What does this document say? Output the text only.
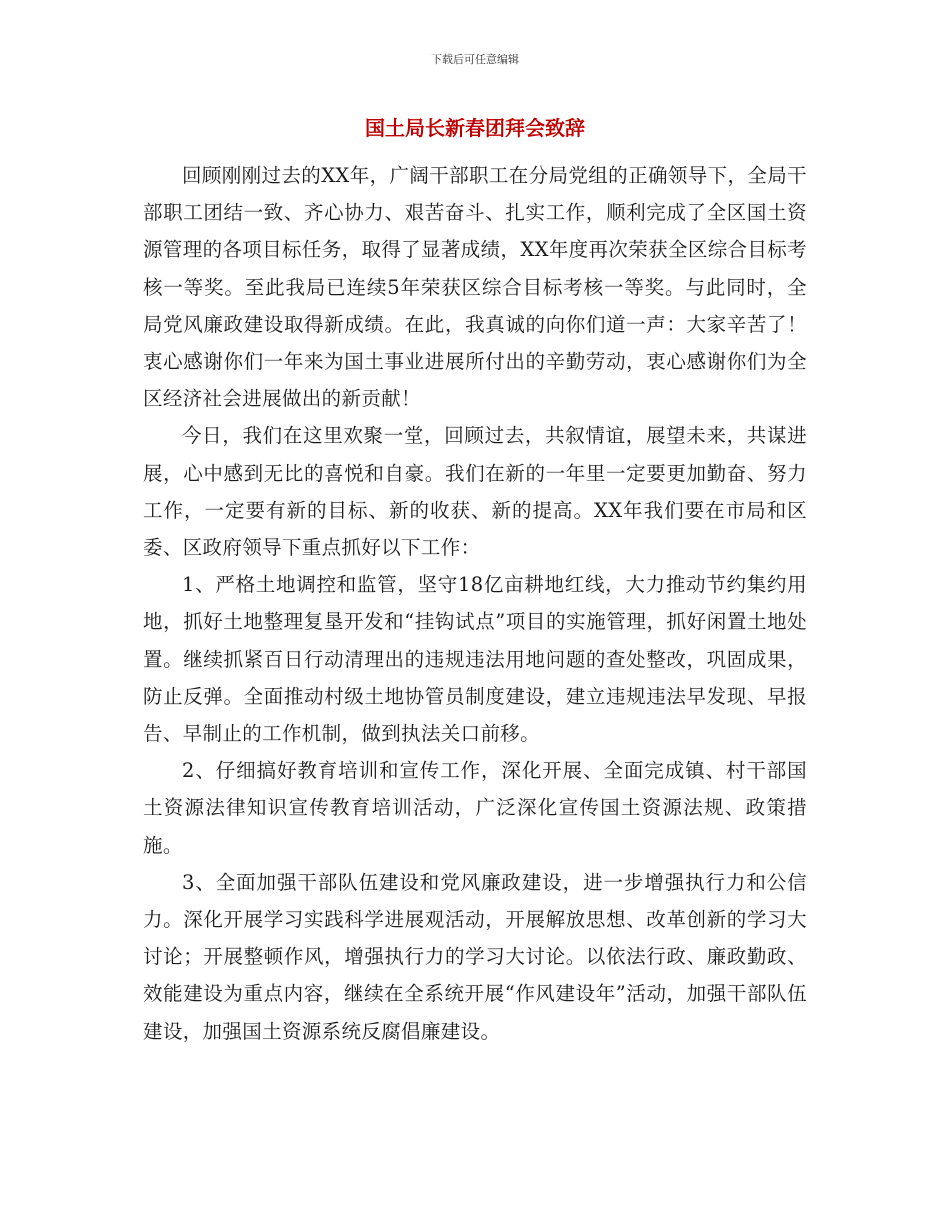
下载后可任意编辑
国土局长新春团拜会致辞

回顾刚刚过去的XX年，广阔干部职工在分局党组的正确领导下，全局干部职工团结一致、齐心协力、艰苦奋斗、扎实工作，顺利完成了全区国土资源管理的各项目标任务，取得了显著成绩，XX年度再次荣获全区综合目标考核一等奖。至此我局已连续5年荣获区综合目标考核一等奖。与此同时，全局党风廉政建设取得新成绩。在此，我真诚的向你们道一声：大家辛苦了！衷心感谢你们一年来为国土事业进展所付出的辛勤劳动，衷心感谢你们为全区经济社会进展做出的新贡献！

今日，我们在这里欢聚一堂，回顾过去，共叙情谊，展望未来，共谋进展，心中感到无比的喜悦和自豪。我们在新的一年里一定要更加勤奋、努力工作，一定要有新的目标、新的收获、新的提高。XX年我们要在市局和区委、区政府领导下重点抓好以下工作：

1、严格土地调控和监管，坚守18亿亩耕地红线，大力推动节约集约用地，抓好土地整理复垦开发和“挂钩试点”项目的实施管理，抓好闲置土地处置。继续抓紧百日行动清理出的违规违法用地问题的查处整改，巩固成果，防止反弹。全面推动村级土地协管员制度建设，建立违规违法早发现、早报告、早制止的工作机制，做到执法关口前移。

2、仔细搞好教育培训和宣传工作，深化开展、全面完成镇、村干部国土资源法律知识宣传教育培训活动，广泛深化宣传国土资源法规、政策措施。

3、全面加强干部队伍建设和党风廉政建设，进一步增强执行力和公信力。深化开展学习实践科学进展观活动，开展解放思想、改革创新的学习大讨论；开展整顿作风，增强执行力的学习大讨论。以依法行政、廉政勤政、效能建设为重点内容，继续在全系统开展“作风建设年”活动，加强干部队伍建设，加强国土资源系统反腐倡廉建设。
